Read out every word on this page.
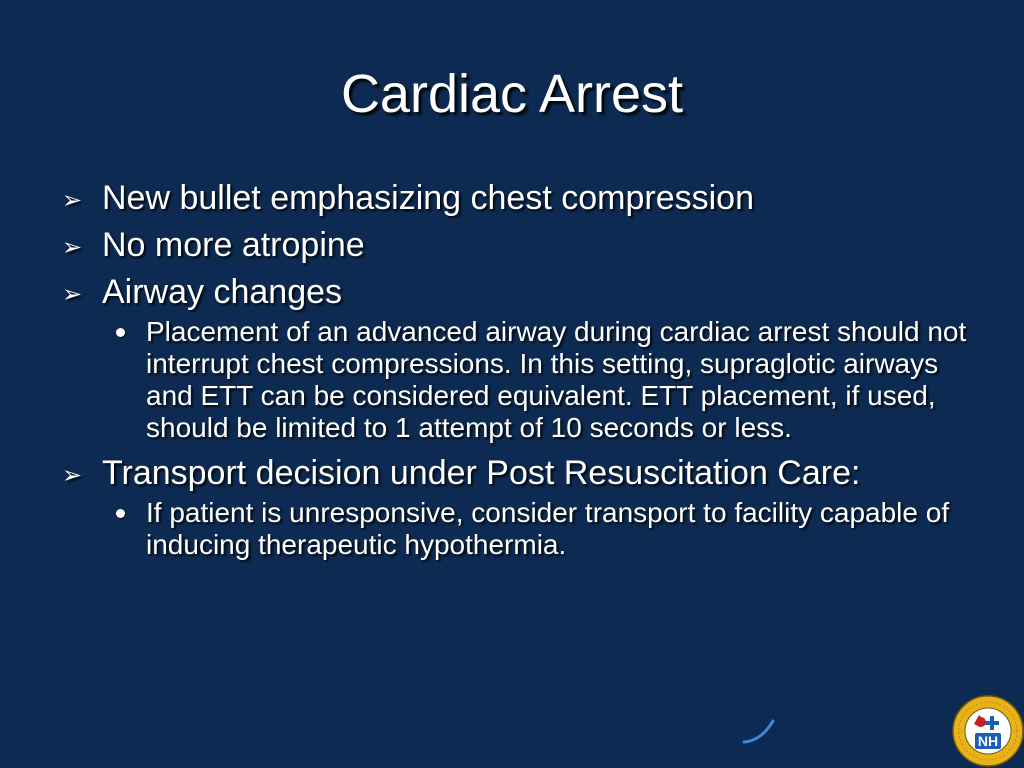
Cardiac Arrest
➢ New bullet emphasizing chest compression
➢ No more atropine
➢ Airway changes
Placement of an advanced airway during cardiac arrest should not interrupt chest compressions. In this setting, supraglotic airways and ETT can be considered equivalent. ETT placement, if used, should be limited to 1 attempt of 10 seconds or less.
➢ Transport decision under Post Resuscitation Care:
If patient is unresponsive, consider transport to facility capable of inducing therapeutic hypothermia.
NH
